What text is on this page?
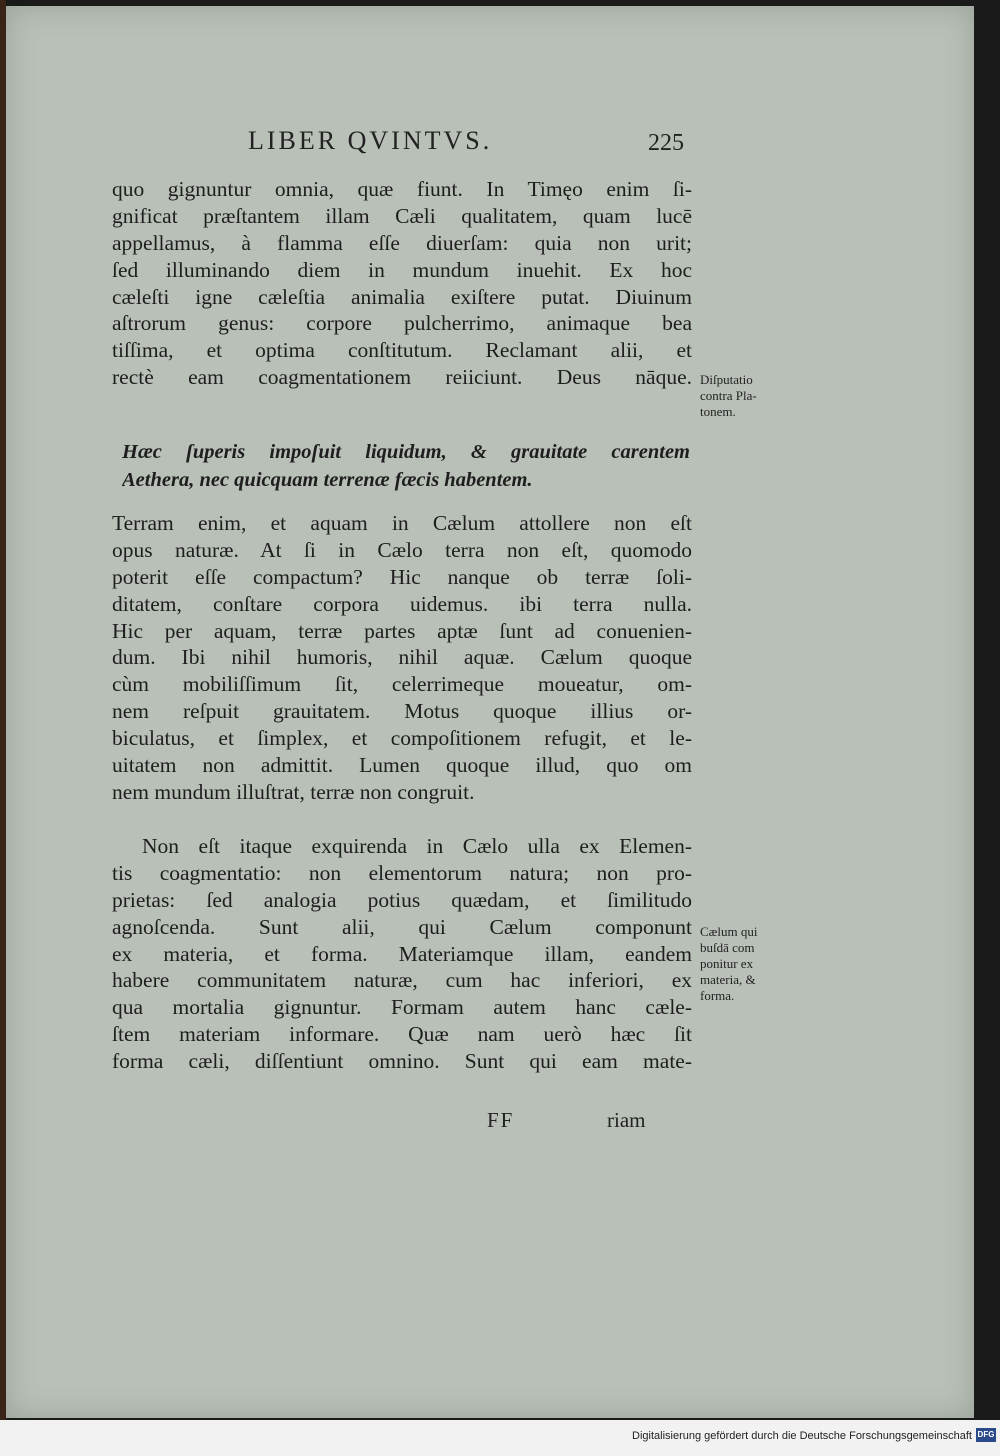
LIBER QVINTVS.	225
quo gignuntur omnia, quæ fiunt. In Timęo enim ſi-
gnificat præſtantem illam Cæli qualitatem, quam lucē
appellamus, à flamma eſſe diuerſam: quia non urit;
ſed illuminando diem in mundum inuehit. Ex hoc
cæleſti igne cæleſtia animalia exiſtere putat. Diuinum
aſtrorum genus: corpore pulcherrimo, animaque bea
tiſſima, et optima conſtitutum. Reclamant alii, et
rectè eam coagmentationem reiiciunt. Deus nāque.
Hæc ſuperis impoſuit liquidum, & grauitate carentem
Aethera, nec quicquam terrenæ fæcis habentem.
Terram enim, et aquam in Cælum attollere non eſt
opus naturæ. At ſi in Cælo terra non eſt, quomodo
poterit eſſe compactum? Hic nanque ob terræ ſoli-
ditatem, conſtare corpora uidemus. ibi terra nulla.
Hic per aquam, terræ partes aptæ ſunt ad conuenien-
dum. Ibi nihil humoris, nihil aquæ. Cælum quoque
cùm mobiliſſimum ſit, celerrimeque moueatur, om-
nem reſpuit grauitatem. Motus quoque illius or-
biculatus, et ſimplex, et compoſitionem refugit, et le-
uitatem non admittit. Lumen quoque illud, quo om
nem mundum illuſtrat, terræ non congruit.
Non eſt itaque exquirenda in Cælo ulla ex Elemen-
tis coagmentatio: non elementorum natura; non pro-
prietas: ſed analogia potius quædam, et ſimilitudo
agnoſcenda. Sunt alii, qui Cælum componunt
ex materia, et forma. Materiamque illam, eandem
habere communitatem naturæ, cum hac inferiori, ex
qua mortalia gignuntur. Formam autem hanc cæle-
ſtem materiam informare. Quæ nam uerò hæc ſit
forma cæli, diſſentiunt omnino. Sunt qui eam mate-
Diſputatio
contra Pla-
tonem.
Cælum qui
buſdā com
ponitur ex
materia, &
forma.
FF	riam
Digitalisierung gefördert durch die Deutsche Forschungsgemeinschaft DFG
